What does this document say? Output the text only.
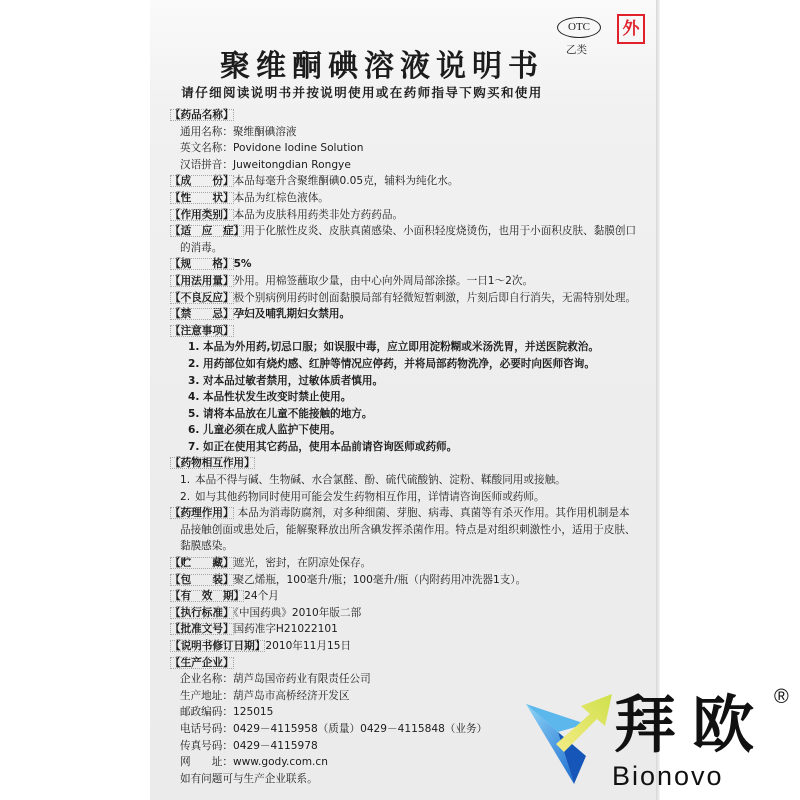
OTC	外
乙类
聚维酮碘溶液说明书
请仔细阅读说明书并按说明使用或在药师指导下购买和使用
【药品名称】
通用名称：聚维酮碘溶液
英文名称：Povidone Iodine Solution
汉语拼音：Juweitongdian Rongye
【成　　份】本品每毫升含聚维酮碘0.05克，辅料为纯化水。
【性　　状】本品为红棕色液体。
【作用类别】本品为皮肤科用药类非处方药药品。
【适　应　症】用于化脓性皮炎、皮肤真菌感染、小面积轻度烧烫伤，也用于小面积皮肤、黏膜创口
的消毒。
【规　　格】5%
【用法用量】外用。用棉签蘸取少量，由中心向外周局部涂搽。一日1～2次。
【不良反应】极个别病例用药时创面黏膜局部有轻微短暂刺激，片刻后即自行消失，无需特别处理。
【禁　　忌】孕妇及哺乳期妇女禁用。
【注意事项】
1. 本品为外用药,切忌口服；如误服中毒，应立即用淀粉糊或米汤洗胃，并送医院救治。
2. 用药部位如有烧灼感、红肿等情况应停药，并将局部药物洗净，必要时向医师咨询。
3. 对本品过敏者禁用，过敏体质者慎用。
4. 本品性状发生改变时禁止使用。
5. 请将本品放在儿童不能接触的地方。
6. 儿童必须在成人监护下使用。
7. 如正在使用其它药品，使用本品前请咨询医师或药师。
【药物相互作用】
1. 本品不得与碱、生物碱、水合氯醛、酚、硫代硫酸钠、淀粉、鞣酸同用或接触。
2. 如与其他药物同时使用可能会发生药物相互作用，详情请咨询医师或药师。
【药理作用】 本品为消毒防腐剂，对多种细菌、芽胞、病毒、真菌等有杀灭作用。其作用机制是本
品接触创面或患处后，能解聚释放出所含碘发挥杀菌作用。特点是对组织刺激性小，适用于皮肤、
黏膜感染。
【贮　　藏】遮光，密封，在阴凉处保存。
【包　　装】聚乙烯瓶，100毫升/瓶；100毫升/瓶（内附药用冲洗器1支）。
【有　效　期】24个月
【执行标准】《中国药典》2010年版二部
【批准文号】国药准字H21022101
【说明书修订日期】2010年11月15日
【生产企业】
企业名称：葫芦岛国帝药业有限责任公司
生产地址：葫芦岛市高桥经济开发区
邮政编码：125015
电话号码：0429－4115958（质量）0429－4115848（业务）
传真号码：0429－4115978
网　　址：www.gody.com.cn
如有问题可与生产企业联系。
拜欧
Bionovo
®
